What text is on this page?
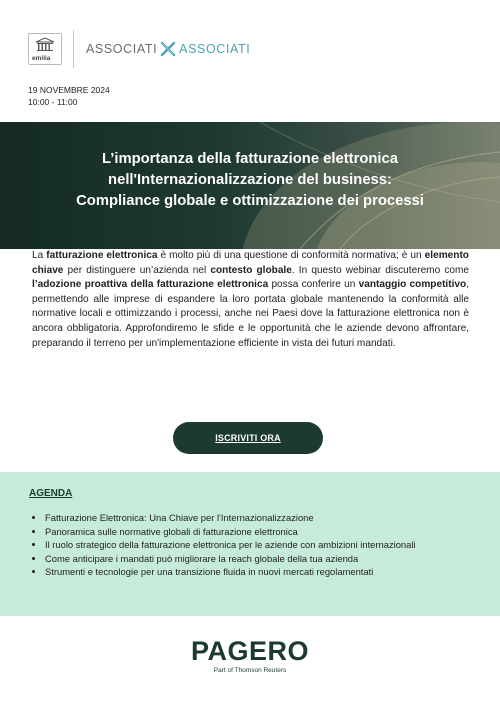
emilia
ASSOCIATI ASSOCIATI
19 NOVEMBRE 2024
10:00 - 11:00
L’importanza della fatturazione elettronica
nell'Internazionalizzazione del business:
Compliance globale e ottimizzazione dei processi

La fatturazione elettronica è molto più di una questione di conformità normativa; è un elemento chiave per distinguere un’azienda nel contesto globale. In questo webinar discuteremo come l’adozione proattiva della fatturazione elettronica possa conferire un vantaggio competitivo, permettendo alle imprese di espandere la loro portata globale mantenendo la conformità alle normative locali e ottimizzando i processi, anche nei Paesi dove la fatturazione elettronica non è ancora obbligatoria. Approfondiremo le sfide e le opportunità che le aziende devono affrontare, preparando il terreno per un'implementazione efficiente in vista dei futuri mandati.

ISCRIVITI ORA
AGENDA
• Fatturazione Elettronica: Una Chiave per l'Internazionalizzazione
• Panoramica sulle normative globali di fatturazione elettronica
• Il ruolo strategico della fatturazione elettronica per le aziende con ambizioni internazionali
• Come anticipare i mandati può migliorare la reach globale della tua azienda
• Strumenti e tecnologie per una transizione fluida in nuovi mercati regolamentati
PAGERO
Part of Thomson Reuters
